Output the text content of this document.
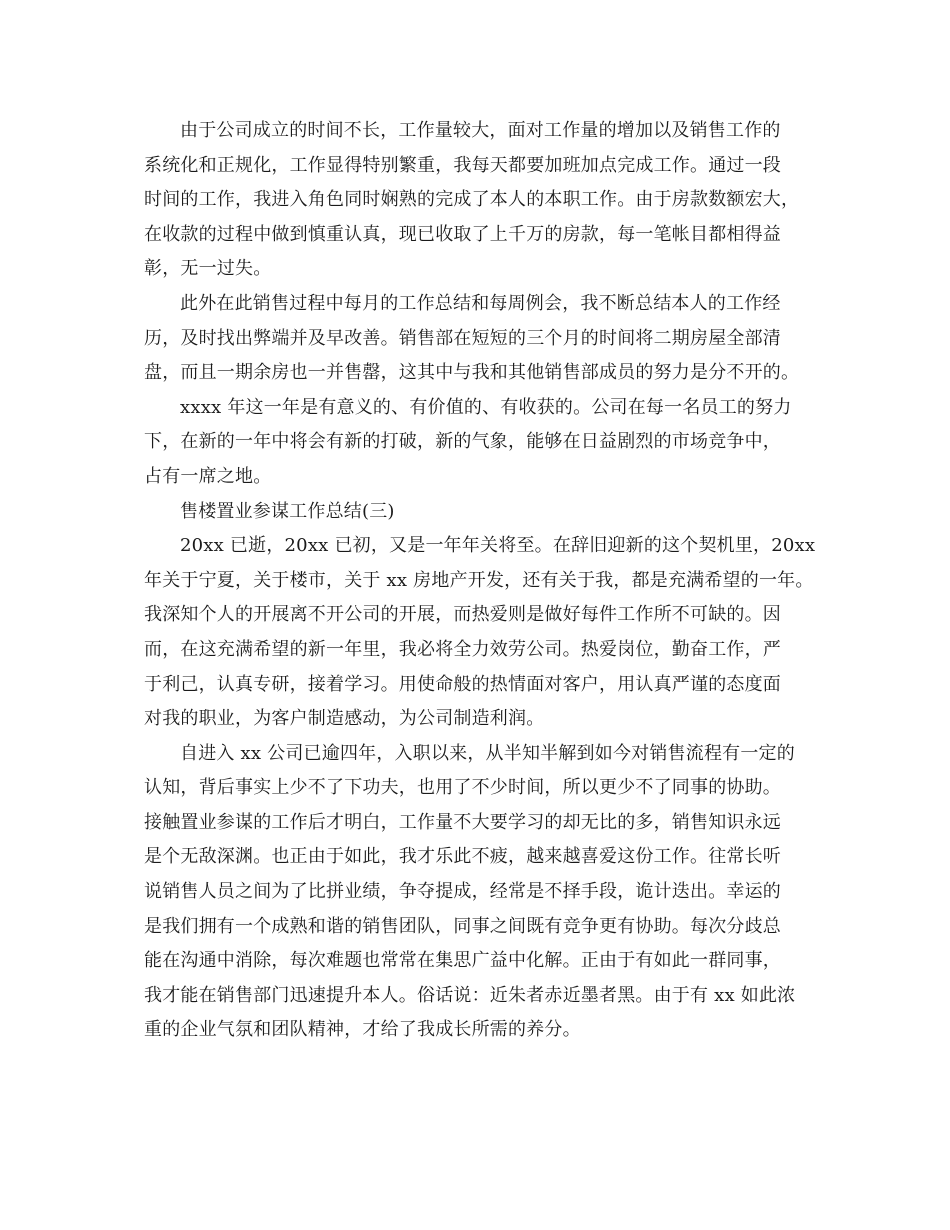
由于公司成立的时间不长，工作量较大，面对工作量的增加以及销售工作的
系统化和正规化，工作显得特别繁重，我每天都要加班加点完成工作。通过一段
时间的工作，我进入角色同时娴熟的完成了本人的本职工作。由于房款数额宏大，
在收款的过程中做到慎重认真，现已收取了上千万的房款，每一笔帐目都相得益
彰，无一过失。
此外在此销售过程中每月的工作总结和每周例会，我不断总结本人的工作经
历，及时找出弊端并及早改善。销售部在短短的三个月的时间将二期房屋全部清
盘，而且一期余房也一并售罄，这其中与我和其他销售部成员的努力是分不开的。
xxxx 年这一年是有意义的、有价值的、有收获的。公司在每一名员工的努力
下，在新的一年中将会有新的打破，新的气象，能够在日益剧烈的市场竞争中，
占有一席之地。
售楼置业参谋工作总结(三)
20xx 已逝，20xx 已初，又是一年年关将至。在辞旧迎新的这个契机里，20xx
年关于宁夏，关于楼市，关于 xx 房地产开发，还有关于我，都是充满希望的一年。
我深知个人的开展离不开公司的开展，而热爱则是做好每件工作所不可缺的。因
而，在这充满希望的新一年里，我必将全力效劳公司。热爱岗位，勤奋工作，严
于利己，认真专研，接着学习。用使命般的热情面对客户，用认真严谨的态度面
对我的职业，为客户制造感动，为公司制造利润。
自进入 xx 公司已逾四年，入职以来，从半知半解到如今对销售流程有一定的
认知，背后事实上少不了下功夫，也用了不少时间，所以更少不了同事的协助。
接触置业参谋的工作后才明白，工作量不大要学习的却无比的多，销售知识永远
是个无敌深渊。也正由于如此，我才乐此不疲，越来越喜爱这份工作。往常长听
说销售人员之间为了比拼业绩，争夺提成，经常是不择手段，诡计迭出。幸运的
是我们拥有一个成熟和谐的销售团队，同事之间既有竞争更有协助。每次分歧总
能在沟通中消除，每次难题也常常在集思广益中化解。正由于有如此一群同事，
我才能在销售部门迅速提升本人。俗话说：近朱者赤近墨者黑。由于有 xx 如此浓
重的企业气氛和团队精神，才给了我成长所需的养分。
